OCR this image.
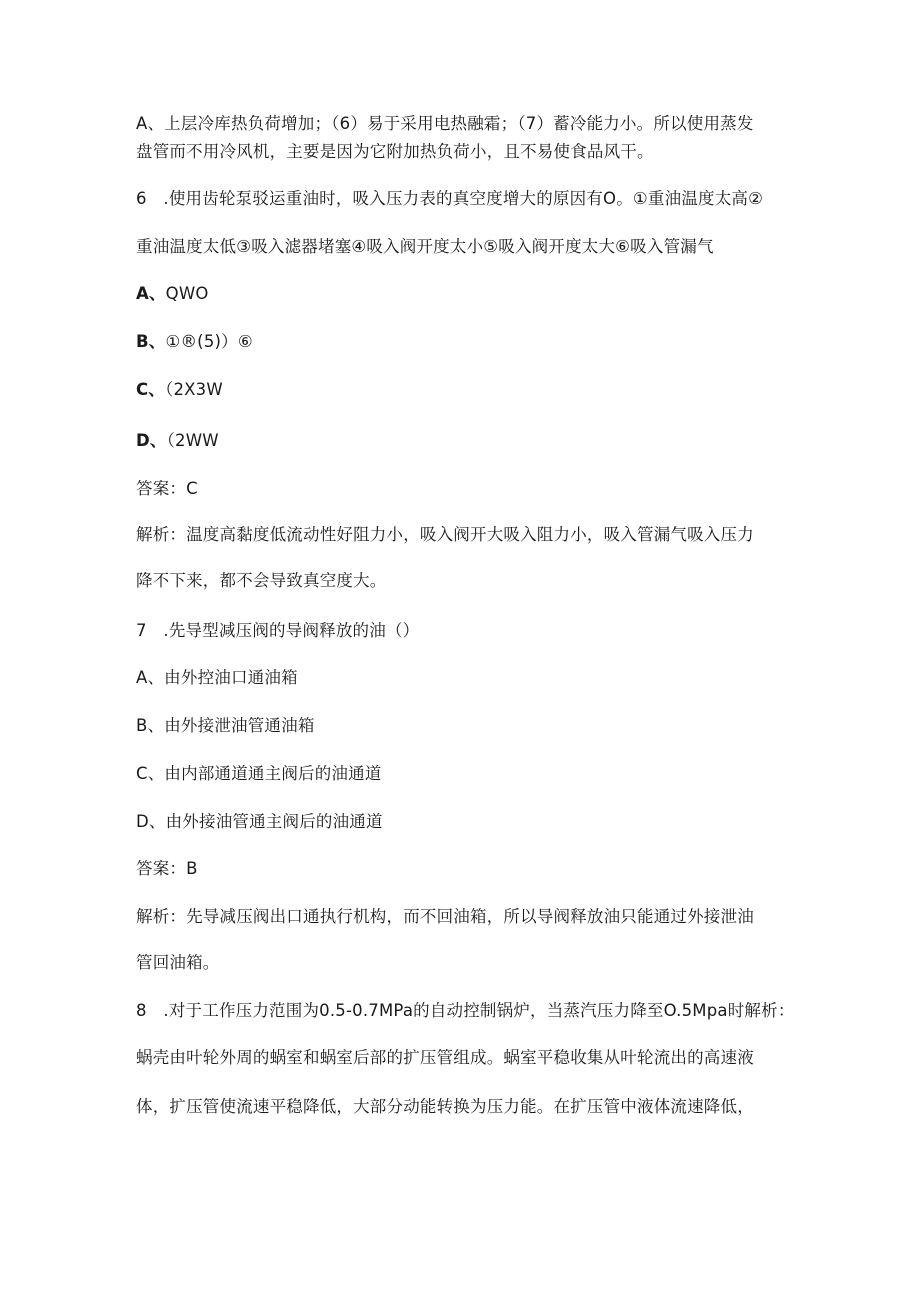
A、上层冷库热负荷增加；（6）易于采用电热融霜；（7）蓄冷能力小。所以使用蒸发
盘管而不用冷风机，主要是因为它附加热负荷小，且不易使食品风干。
6　.使用齿轮泵驳运重油时，吸入压力表的真空度增大的原因有O。①重油温度太高②
重油温度太低③吸入滤器堵塞④吸入阀开度太小⑤吸入阀开度太大⑥吸入管漏气
A、QWO
B、①®(5)）⑥
C、（2X3W
D、（2WW
答案：C
解析：温度高黏度低流动性好阻力小，吸入阀开大吸入阻力小，吸入管漏气吸入压力
降不下来，都不会导致真空度大。
7　.先导型减压阀的导阀释放的油（）
A、由外控油口通油箱
B、由外接泄油管通油箱
C、由内部通道通主阀后的油通道
D、由外接油管通主阀后的油通道
答案：B
解析：先导减压阀出口通执行机构，而不回油箱，所以导阀释放油只能通过外接泄油
管回油箱。
8　.对于工作压力范围为0.5-0.7MPa的自动控制锅炉，当蒸汽压力降至O.5Mpa时解析：
蜗壳由叶轮外周的蜗室和蜗室后部的扩压管组成。蜗室平稳收集从叶轮流出的高速液
体，扩压管使流速平稳降低，大部分动能转换为压力能。在扩压管中液体流速降低，
